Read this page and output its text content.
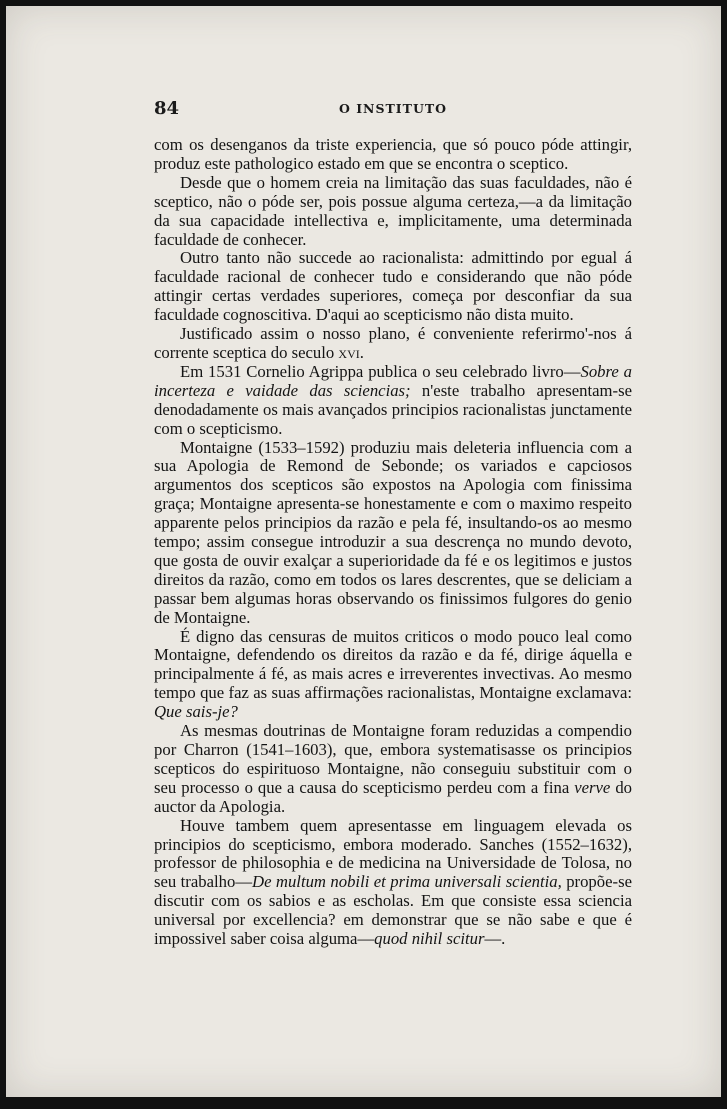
84	O INSTITUTO

com os desenganos da triste experiencia, que só pouco póde attingir, produz este pathologico estado em que se encontra o sceptico.

Desde que o homem creia na limitação das suas faculdades, não é sceptico, não o póde ser, pois possue alguma certeza,—a da limitação da sua capacidade intellectiva e, implicitamente, uma determinada faculdade de conhecer.

Outro tanto não succede ao racionalista: admittindo por egual á faculdade racional de conhecer tudo e considerando que não póde attingir certas verdades superiores, começa por desconfiar da sua faculdade cognoscitiva. D'aqui ao scepticismo não dista muito.

Justificado assim o nosso plano, é conveniente referirmo'-nos á corrente sceptica do seculo xvi.

Em 1531 Cornelio Agrippa publica o seu celebrado livro—Sobre a incerteza e vaidade das sciencias; n'este trabalho apresentam-se denodadamente os mais avançados principios racionalistas junctamente com o scepticismo.

Montaigne (1533–1592) produziu mais deleteria influencia com a sua Apologia de Remond de Sebonde; os variados e capciosos argumentos dos scepticos são expostos na Apologia com finissima graça; Montaigne apresenta-se honestamente e com o maximo respeito apparente pelos principios da razão e pela fé, insultando-os ao mesmo tempo; assim consegue introduzir a sua descrença no mundo devoto, que gosta de ouvir exalçar a superioridade da fé e os legitimos e justos direitos da razão, como em todos os lares descrentes, que se deliciam a passar bem algumas horas observando os finissimos fulgores do genio de Montaigne.

É digno das censuras de muitos criticos o modo pouco leal como Montaigne, defendendo os direitos da razão e da fé, dirige áquella e principalmente á fé, as mais acres e irreverentes invectivas. Ao mesmo tempo que faz as suas affirmações racionalistas, Montaigne exclamava: Que sais-je?

As mesmas doutrinas de Montaigne foram reduzidas a compendio por Charron (1541–1603), que, embora systematisasse os principios scepticos do espirituoso Montaigne, não conseguiu substituir com o seu processo o que a causa do scepticismo perdeu com a fina verve do auctor da Apologia.

Houve tambem quem apresentasse em linguagem elevada os principios do scepticismo, embora moderado. Sanches (1552–1632), professor de philosophia e de medicina na Universidade de Tolosa, no seu trabalho—De multum nobili et prima universali scientia, propõe-se discutir com os sabios e as escholas. Em que consiste essa sciencia universal por excellencia? em demonstrar que se não sabe e que é impossivel saber coisa alguma—quod nihil scitur—.
